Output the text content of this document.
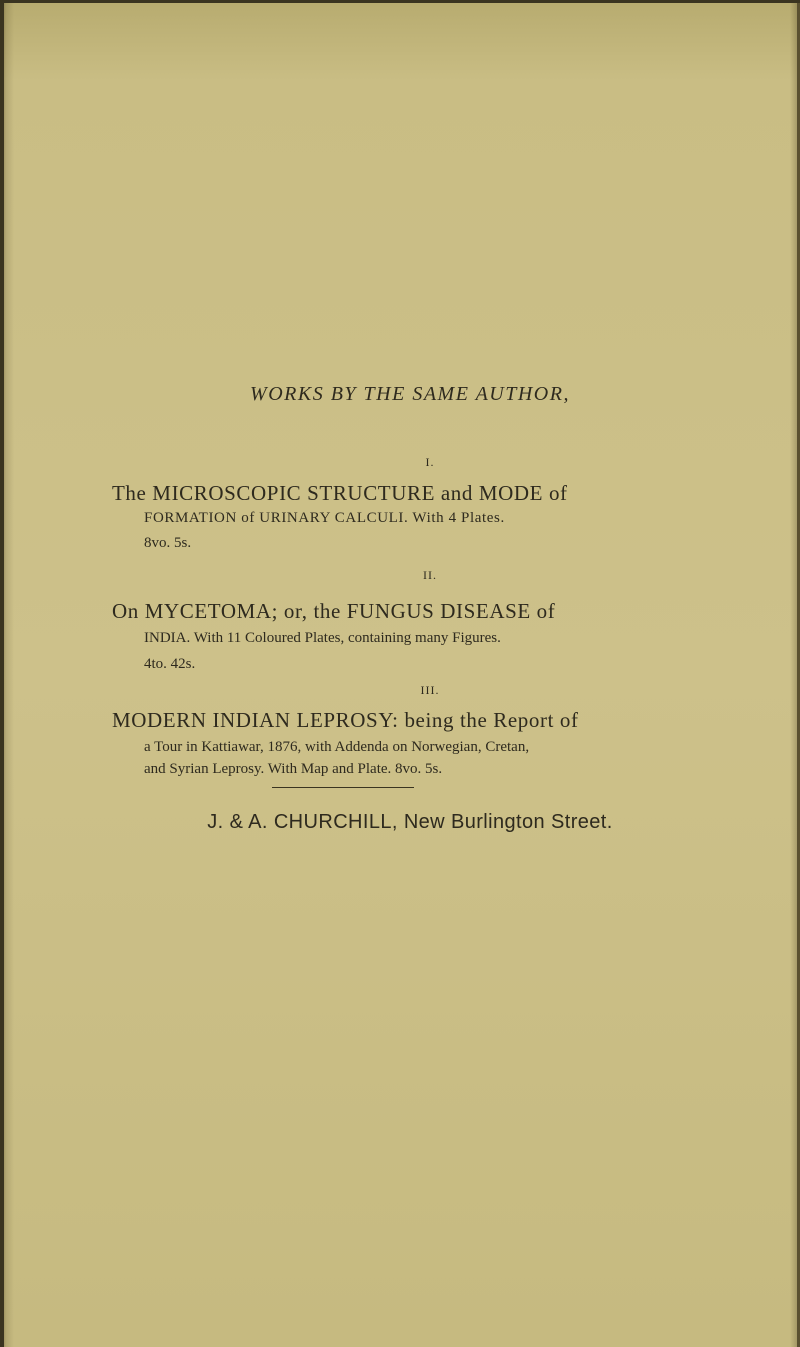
WORKS BY THE SAME AUTHOR,
I.
The MICROSCOPIC STRUCTURE and MODE of
FORMATION of URINARY CALCULI. With 4 Plates.
8vo. 5s.
II.
On MYCETOMA; or, the FUNGUS DISEASE of
INDIA. With 11 Coloured Plates, containing many Figures.
4to. 42s.
III.
MODERN INDIAN LEPROSY: being the Report of
a Tour in Kattiawar, 1876, with Addenda on Norwegian, Cretan,
and Syrian Leprosy. With Map and Plate. 8vo. 5s.
J. & A. CHURCHILL, New Burlington Street.
